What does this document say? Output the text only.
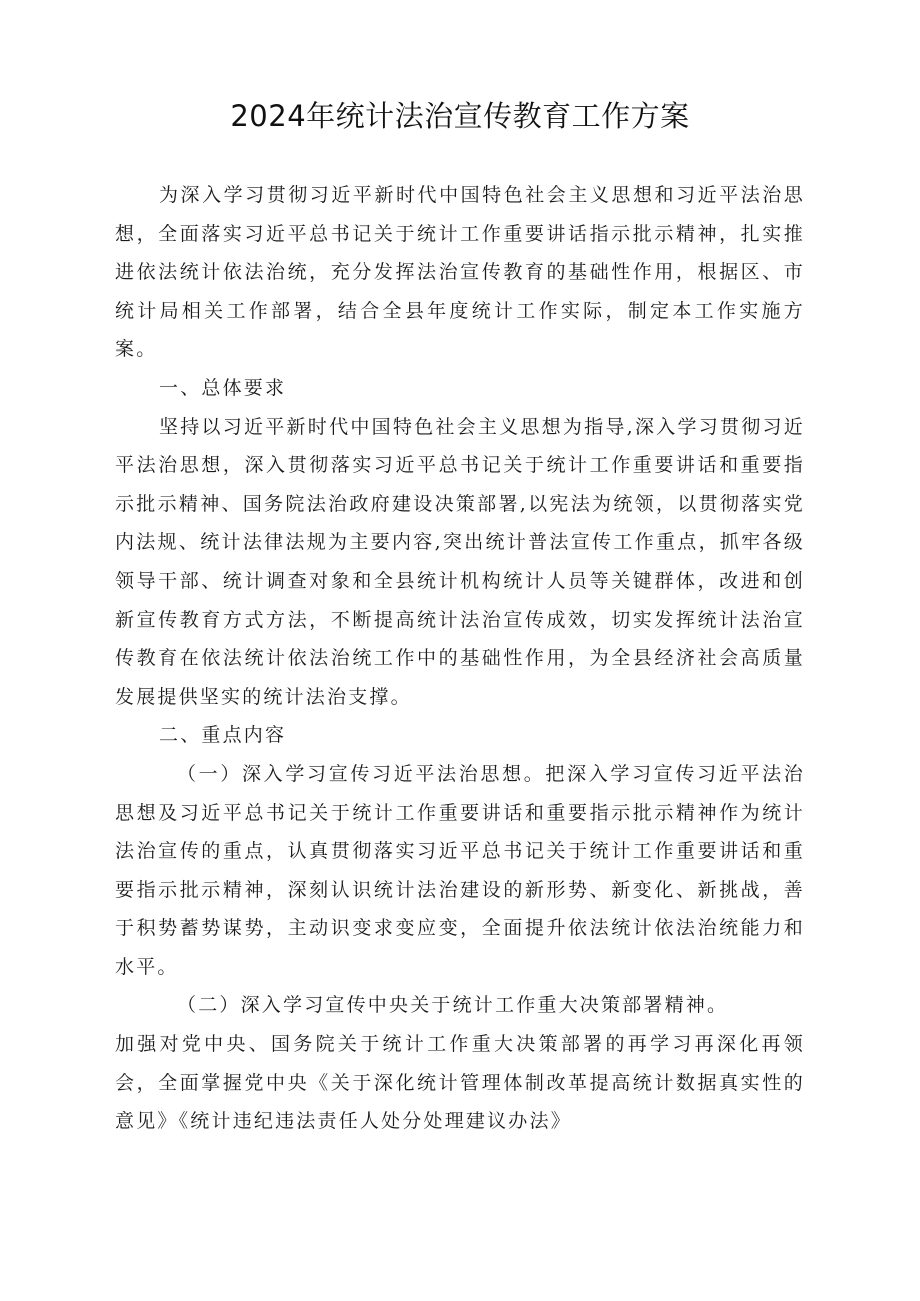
2024年统计法治宣传教育工作方案

为深入学习贯彻习近平新时代中国特色社会主义思想和习近平法治思想，全面落实习近平总书记关于统计工作重要讲话指示批示精神，扎实推进依法统计依法治统，充分发挥法治宣传教育的基础性作用，根据区、市统计局相关工作部署，结合全县年度统计工作实际，制定本工作实施方案。

一、总体要求

坚持以习近平新时代中国特色社会主义思想为指导,深入学习贯彻习近平法治思想，深入贯彻落实习近平总书记关于统计工作重要讲话和重要指示批示精神、国务院法治政府建设决策部署,以宪法为统领，以贯彻落实党内法规、统计法律法规为主要内容,突出统计普法宣传工作重点，抓牢各级领导干部、统计调查对象和全县统计机构统计人员等关键群体，改进和创新宣传教育方式方法，不断提高统计法治宣传成效，切实发挥统计法治宣传教育在依法统计依法治统工作中的基础性作用，为全县经济社会高质量发展提供坚实的统计法治支撑。

二、重点内容

（一）深入学习宣传习近平法治思想。把深入学习宣传习近平法治思想及习近平总书记关于统计工作重要讲话和重要指示批示精神作为统计法治宣传的重点，认真贯彻落实习近平总书记关于统计工作重要讲话和重要指示批示精神，深刻认识统计法治建设的新形势、新变化、新挑战，善于积势蓄势谋势，主动识变求变应变，全面提升依法统计依法治统能力和水平。

（二）深入学习宣传中央关于统计工作重大决策部署精神。

加强对党中央、国务院关于统计工作重大决策部署的再学习再深化再领会，全面掌握党中央《关于深化统计管理体制改革提高统计数据真实性的意见》《统计违纪违法责任人处分处理建议办法》
